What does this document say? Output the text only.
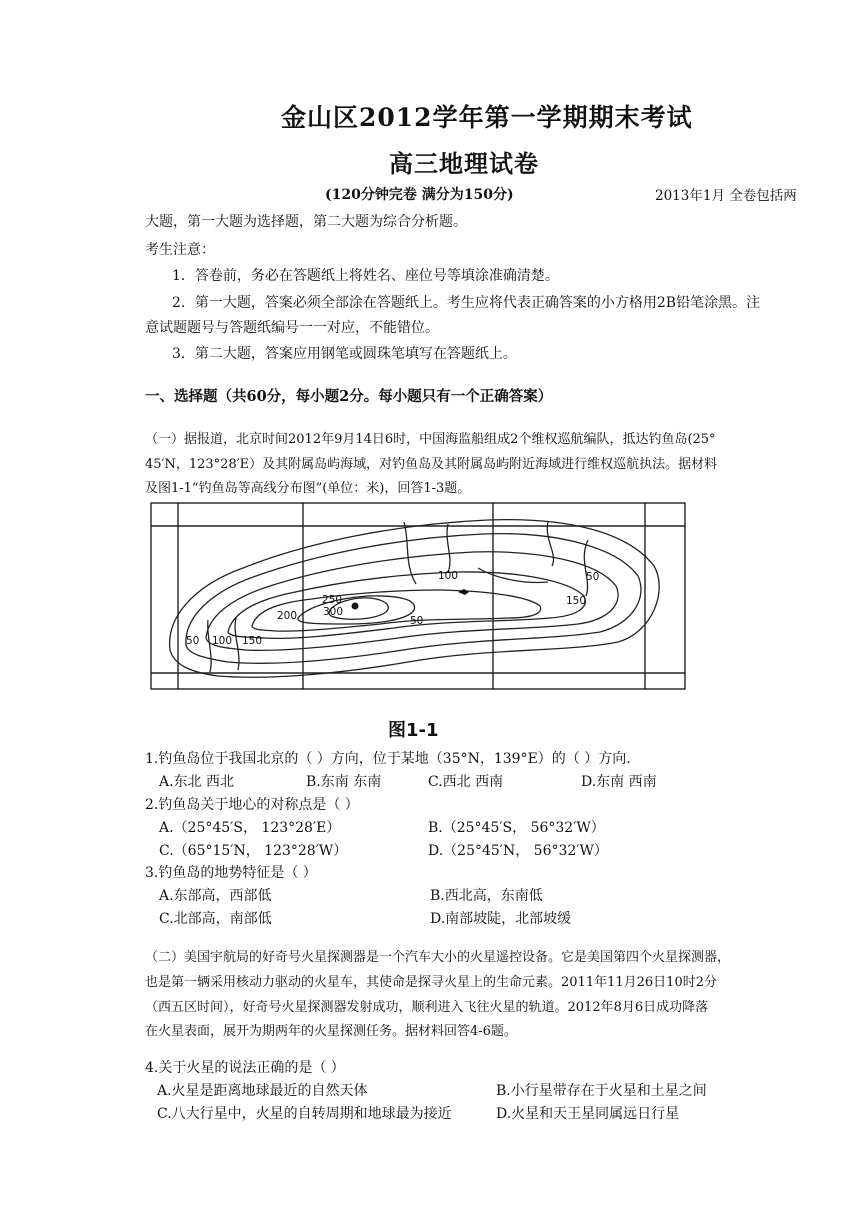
金山区2012学年第一学期期末考试
高三地理试卷
(120分钟完卷 满分为150分)	2013年1月 全卷包括两
大题，第一大题为选择题，第二大题为综合分析题。
考生注意：
1．答卷前，务必在答题纸上将姓名、座位号等填涂准确清楚。
2．第一大题，答案必须全部涂在答题纸上。考生应将代表正确答案的小方格用2B铅笔涂黑。注
意试题题号与答题纸编号一一对应，不能错位。
3．第二大题，答案应用钢笔或圆珠笔填写在答题纸上。
一、选择题（共60分，每小题2分。每小题只有一个正确答案）
（一）据报道，北京时间2012年9月14日6时，中国海监船组成2个维权巡航编队，抵达钓鱼岛(25°
45′N，123°28′E）及其附属岛屿海域，对钓鱼岛及其附属岛屿附近海域进行维权巡航执法。据材料
及图1-1“钓鱼岛等高线分布图”(单位：米)，回答1-3题。
100	50
250
300
200	50
150
50 100 150
图1-1
1.钓鱼岛位于我国北京的（ ）方向，位于某地（35°N，139°E）的（ ）方向.
A.东北 西北	B.东南 东南	C.西北 西南	D.东南 西南
2.钓鱼岛关于地心的对称点是（ ）
A.（25°45′S， 123°28′E）	B.（25°45′S， 56°32′W）
C.（65°15′N， 123°28′W）	D.（25°45′N， 56°32′W）
3.钓鱼岛的地势特征是（ ）
A.东部高，西部低	B.西北高，东南低
C.北部高，南部低	D.南部坡陡，北部坡缓
（二）美国宇航局的好奇号火星探测器是一个汽车大小的火星遥控设备。它是美国第四个火星探测器，
也是第一辆采用核动力驱动的火星车，其使命是探寻火星上的生命元素。2011年11月26日10时2分
（西五区时间），好奇号火星探测器发射成功，顺利进入飞往火星的轨道。2012年8月6日成功降落
在火星表面，展开为期两年的火星探测任务。据材料回答4-6题。
4.关于火星的说法正确的是（ ）
A.火星是距离地球最近的自然天体	B.小行星带存在于火星和土星之间
C.八大行星中，火星的自转周期和地球最为接近	D.火星和天王星同属远日行星
